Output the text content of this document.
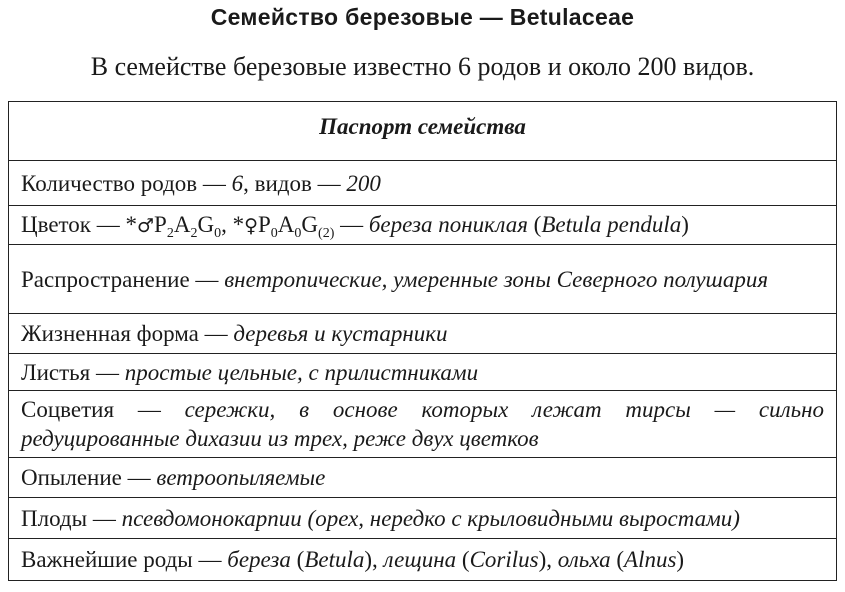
Семейство березовые — Betulaceae
В семействе березовые известно 6 родов и около 200 видов.
Паспорт семейства
Количество родов — 6, видов — 200
Цветок — $*♂P_2A_2G_0$, $*♀P_0A_0G_{(2)}$ — береза пониклая (Betula pendula)
Распространение — внетропические, умеренные зоны Северного полушария
Жизненная форма — деревья и кустарники
Листья — простые цельные, с прилистниками
Соцветия — сережки, в основе которых лежат тирсы — сильно редуцированные дихазии из трех, реже двух цветков
Опыление — ветроопыляемые
Плоды — псевдомонокарпии (орех, нередко с крыловидными выростами)
Важнейшие роды — береза (Betula), лещина (Corilus), ольха (Alnus)
